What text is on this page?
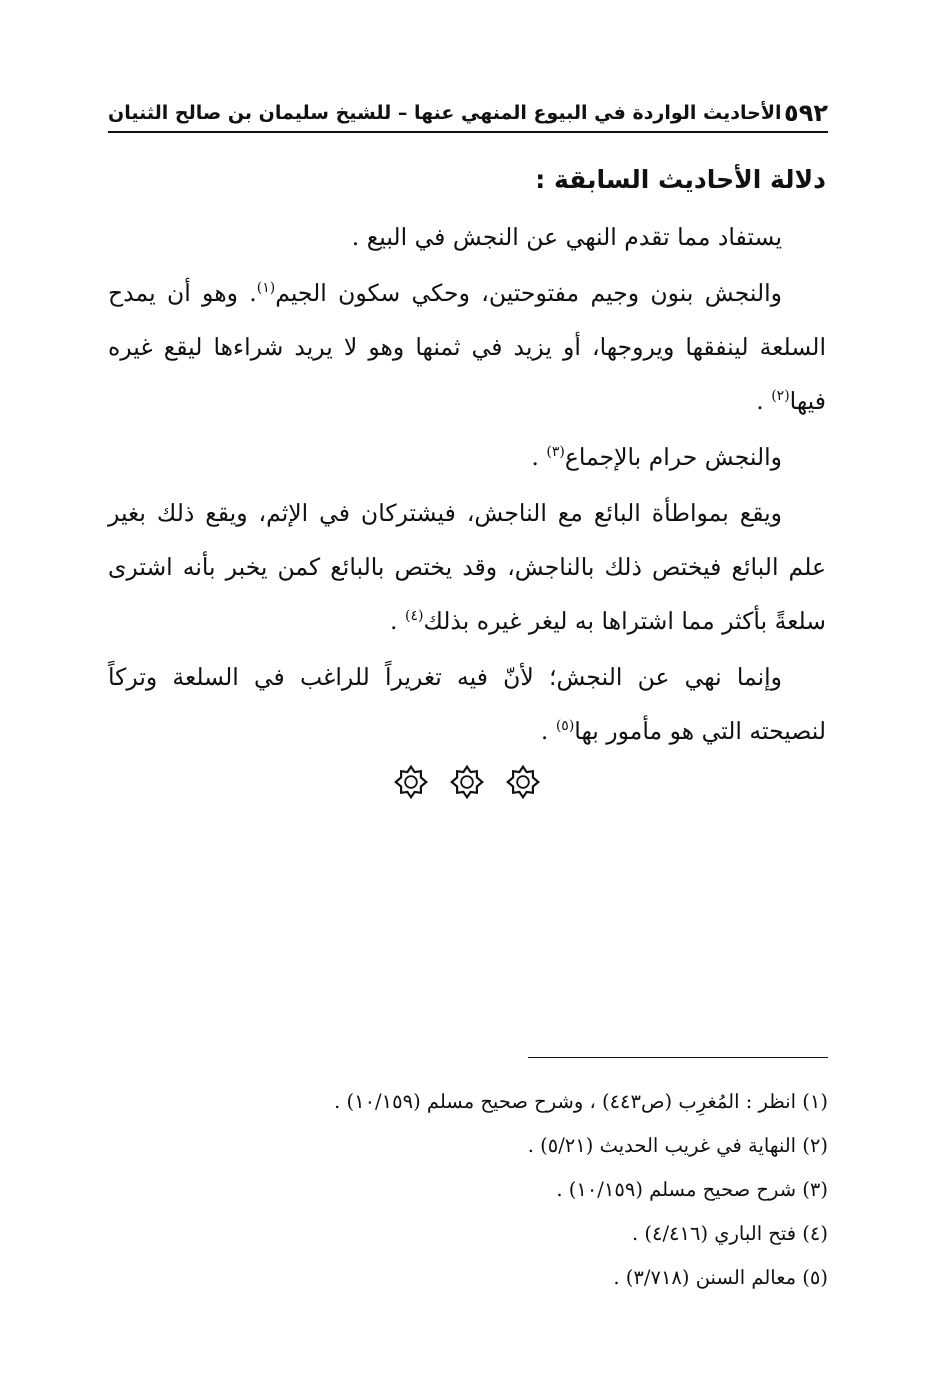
٥٩٢
الأحاديث الواردة في البيوع المنهي عنها – للشيخ سليمان بن صالح الثنيان
دلالة الأحاديث السابقة :

يستفاد مما تقدم النهي عن النجش في البيع .

والنجش بنون وجيم مفتوحتين، وحكي سكون الجيم$^{(١)}$. وهو أن يمدح السلعة لينفقها ويروجها، أو يزيد في ثمنها وهو لا يريد شراءها ليقع غيره فيها$^{(٢)}$ .

والنجش حرام بالإجماع$^{(٣)}$ .

ويقع بمواطأة البائع مع الناجش، فيشتركان في الإثم، ويقع ذلك بغير علم البائع فيختص ذلك بالناجش، وقد يختص بالبائع كمن يخبر بأنه اشترى سلعةً بأكثر مما اشتراها به ليغر غيره بذلك$^{(٤)}$ .

وإنما نهي عن النجش؛ لأنّ فيه تغريراً للراغب في السلعة وتركاً لنصيحته التي هو مأمور بها$^{(٥)}$ .

(١) انظر : المُغرِب (ص٤٤٣) ، وشرح صحيح مسلم (١٠/١٥٩) .
(٢) النهاية في غريب الحديث (٥/٢١) .
(٣) شرح صحيح مسلم (١٠/١٥٩) .
(٤) فتح الباري (٤/٤١٦) .
(٥) معالم السنن (٣/٧١٨) .
